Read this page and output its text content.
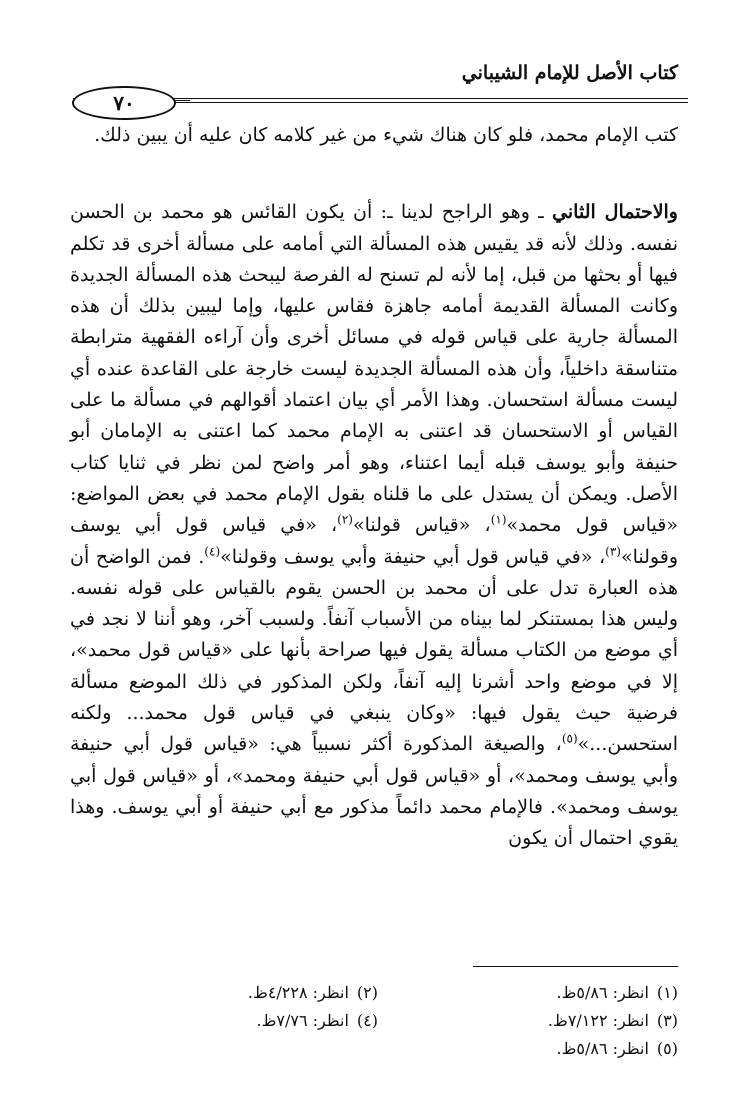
كتاب الأصل للإمام الشيباني
٧٠

كتب الإمام محمد، فلو كان هناك شيء من غير كلامه كان عليه أن يبين ذلك.

والاحتمال الثاني ـ وهو الراجح لدينا ـ: أن يكون القائس هو محمد بن الحسن نفسه. وذلك لأنه قد يقيس هذه المسألة التي أمامه على مسألة أخرى قد تكلم فيها أو بحثها من قبل، إما لأنه لم تسنح له الفرصة ليبحث هذه المسألة الجديدة وكانت المسألة القديمة أمامه جاهزة فقاس عليها، وإما ليبين بذلك أن هذه المسألة جارية على قياس قوله في مسائل أخرى وأن آراءه الفقهية مترابطة متناسقة داخلياً، وأن هذه المسألة الجديدة ليست خارجة على القاعدة عنده أي ليست مسألة استحسان. وهذا الأمر أي بيان اعتماد أقوالهم في مسألة ما على القياس أو الاستحسان قد اعتنى به الإمام محمد كما اعتنى به الإمامان أبو حنيفة وأبو يوسف قبله أيما اعتناء، وهو أمر واضح لمن نظر في ثنايا كتاب الأصل. ويمكن أن يستدل على ما قلناه بقول الإمام محمد في بعض المواضع: «قياس قول محمد»$^{(١)}$، «قياس قولنا»$^{(٢)}$، «في قياس قول أبي يوسف وقولنا»$^{(٣)}$، «في قياس قول أبي حنيفة وأبي يوسف وقولنا»$^{(٤)}$. فمن الواضح أن هذه العبارة تدل على أن محمد بن الحسن يقوم بالقياس على قوله نفسه. وليس هذا بمستنكر لما بيناه من الأسباب آنفاً. ولسبب آخر، وهو أننا لا نجد في أي موضع من الكتاب مسألة يقول فيها صراحة بأنها على «قياس قول محمد»، إلا في موضع واحد أشرنا إليه آنفاً، ولكن المذكور في ذلك الموضع مسألة فرضية حيث يقول فيها: «وكان ينبغي في قياس قول محمد... ولكنه استحسن...»$^{(٥)}$، والصيغة المذكورة أكثر نسبياً هي: «قياس قول أبي حنيفة وأبي يوسف ومحمد»، أو «قياس قول أبي حنيفة ومحمد»، أو «قياس قول أبي يوسف ومحمد». فالإمام محمد دائماً مذكور مع أبي حنيفة أو أبي يوسف. وهذا يقوي احتمال أن يكون

(١)انظر: ٥/٨٦ظ.
(٢)انظر: ٤/٢٢٨ظ.
(٣)انظر: ٧/١٢٢ظ.
(٤)انظر: ٧/٧٦ظ.
(٥)انظر: ٥/٨٦ظ.
